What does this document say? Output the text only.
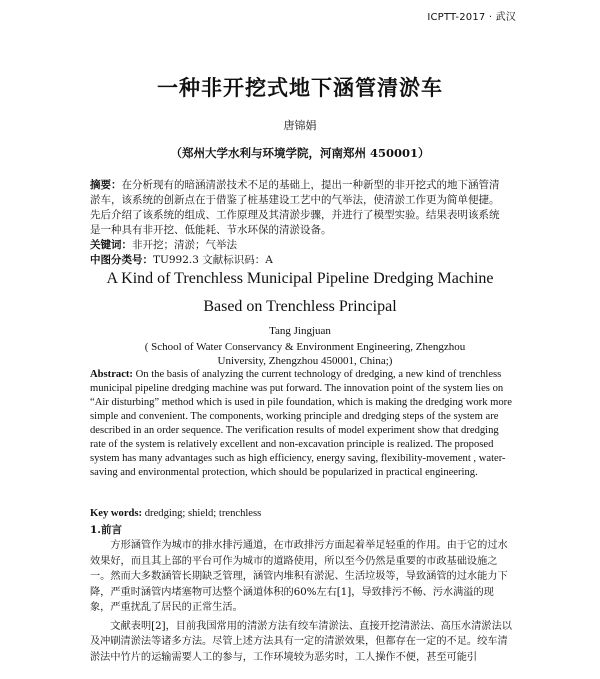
ICPTT-2017 · 武汉
一种非开挖式地下涵管清淤车
唐锦娟
（郑州大学水利与环境学院，河南郑州 450001）

摘要：在分析现有的暗涵清淤技术不足的基础上，提出一种新型的非开挖式的地下涵管清淤车，该系统的创新点在于借鉴了桩基建设工艺中的气举法，使清淤工作更为简单便捷。先后介绍了该系统的组成、工作原理及其清淤步骤，并进行了模型实验。结果表明该系统是一种具有非开挖、低能耗、节水环保的清淤设备。

关键词：非开挖；清淤；气举法

中图分类号：TU992.3 文献标识码：A

A Kind of Trenchless Municipal Pipeline Dredging Machine
Based on Trenchless Principal
Tang Jingjuan
( School of Water Conservancy & Environment Engineering, Zhengzhou University, Zhengzhou 450001, China;)
Abstract: On the basis of analyzing the current technology of dredging, a new kind of trenchless municipal pipeline dredging machine was put forward. The innovation point of the system lies on “Air disturbing” method which is used in pile foundation, which is making the dredging work more simple and convenient. The components, working principle and dredging steps of the system are described in an order sequence. The verification results of model experiment show that dredging rate of the system is relatively excellent and non-excavation principle is realized. The proposed system has many advantages such as high efficiency, energy saving, flexibility-movement , water-saving and environmental protection, which should be popularized in practical engineering.
Key words: dredging; shield; trenchless
1.前言

方形涵管作为城市的排水排污通道，在市政排污方面起着举足轻重的作用。由于它的过水效果好，而且其上部的平台可作为城市的道路使用，所以至今仍然是重要的市政基础设施之一。然而大多数涵管长期缺乏管理，涵管内堆积有淤泥、生活垃圾等，导致涵管的过水能力下降，严重时涵管内堵塞物可达整个涵道体积的60%左右[1]，导致排污不畅、污水满溢的现象，严重扰乱了居民的正常生活。

文献表明[2]，目前我国常用的清淤方法有绞车清淤法、直接开挖清淤法、高压水清淤法以及冲刷清淤法等诸多方法。尽管上述方法具有一定的清淤效果，但都存在一定的不足。绞车清淤法中竹片的运输需要人工的参与，工作环境较为恶劣时，工人操作不便，甚至可能引
